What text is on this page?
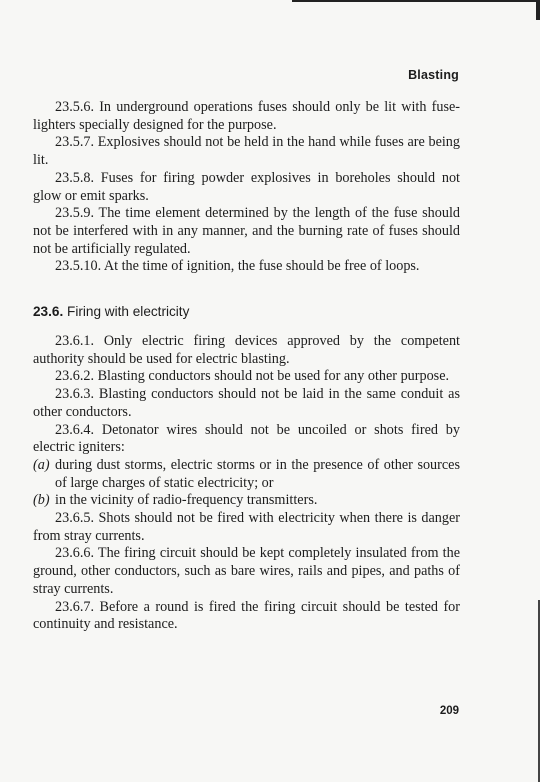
Blasting

23.5.6. In underground operations fuses should only be lit with fuse-lighters specially designed for the purpose.

23.5.7. Explosives should not be held in the hand while fuses are being lit.

23.5.8. Fuses for firing powder explosives in boreholes should not glow or emit sparks.

23.5.9. The time element determined by the length of the fuse should not be interfered with in any manner, and the burning rate of fuses should not be artificially regulated.

23.5.10. At the time of ignition, the fuse should be free of loops.

23.6. Firing with electricity

23.6.1. Only electric firing devices approved by the competent authority should be used for electric blasting.

23.6.2. Blasting conductors should not be used for any other purpose.

23.6.3. Blasting conductors should not be laid in the same conduit as other conductors.

23.6.4. Detonator wires should not be uncoiled or shots fired by electric igniters:

(a) during dust storms, electric storms or in the presence of other sources of large charges of static electricity; or
(b) in the vicinity of radio-frequency transmitters.

23.6.5. Shots should not be fired with electricity when there is danger from stray currents.

23.6.6. The firing circuit should be kept completely insulated from the ground, other conductors, such as bare wires, rails and pipes, and paths of stray currents.

23.6.7. Before a round is fired the firing circuit should be tested for continuity and resistance.

209
